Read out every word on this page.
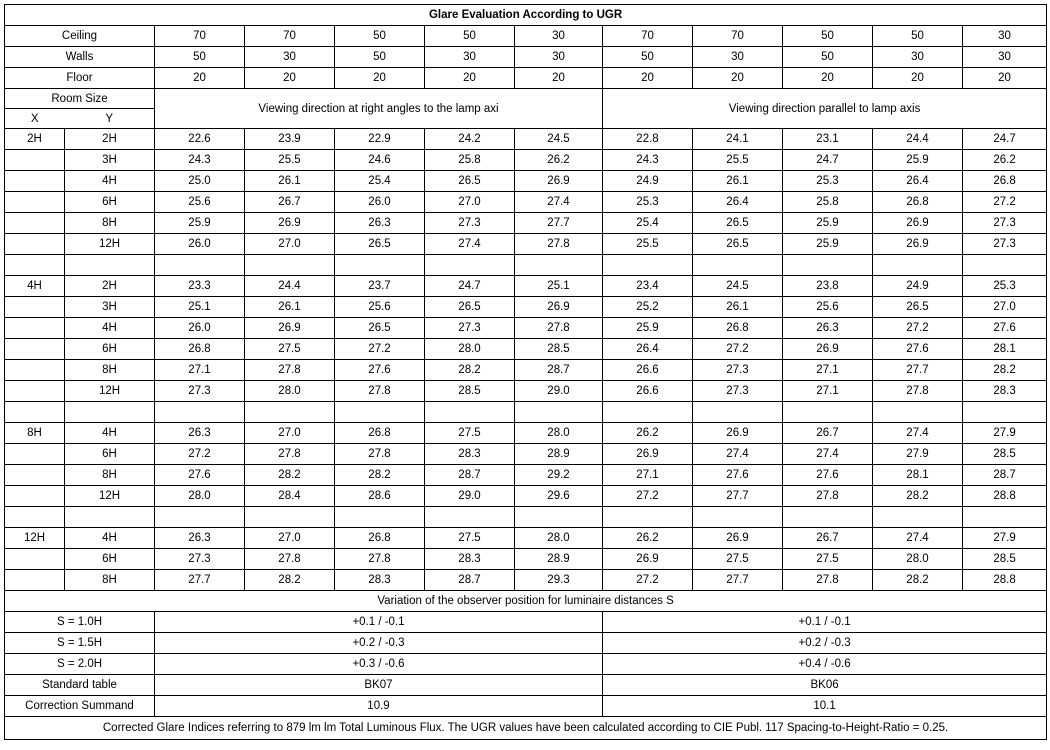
Glare Evaluation According to UGR											
Ceiling		70	70	50	50	30	70	70	50	50	30
Walls		50	30	50	30	30	50	30	50	30	30
Floor		20	20	20	20	20	20	20	20	20	20
Room Size		Viewing direction at right angles to the lamp axi					Viewing direction parallel to lamp axis				
X	Y										
2H	2H	22.6	23.9	22.9	24.2	24.5	22.8	24.1	23.1	24.4	24.7
	3H	24.3	25.5	24.6	25.8	26.2	24.3	25.5	24.7	25.9	26.2
	4H	25.0	26.1	25.4	26.5	26.9	24.9	26.1	25.3	26.4	26.8
	6H	25.6	26.7	26.0	27.0	27.4	25.3	26.4	25.8	26.8	27.2
	8H	25.9	26.9	26.3	27.3	27.7	25.4	26.5	25.9	26.9	27.3
	12H	26.0	27.0	26.5	27.4	27.8	25.5	26.5	25.9	26.9	27.3

4H	2H	23.3	24.4	23.7	24.7	25.1	23.4	24.5	23.8	24.9	25.3
	3H	25.1	26.1	25.6	26.5	26.9	25.2	26.1	25.6	26.5	27.0
	4H	26.0	26.9	26.5	27.3	27.8	25.9	26.8	26.3	27.2	27.6
	6H	26.8	27.5	27.2	28.0	28.5	26.4	27.2	26.9	27.6	28.1
	8H	27.1	27.8	27.6	28.2	28.7	26.6	27.3	27.1	27.7	28.2
	12H	27.3	28.0	27.8	28.5	29.0	26.6	27.3	27.1	27.8	28.3

8H	4H	26.3	27.0	26.8	27.5	28.0	26.2	26.9	26.7	27.4	27.9
	6H	27.2	27.8	27.8	28.3	28.9	26.9	27.4	27.4	27.9	28.5
	8H	27.6	28.2	28.2	28.7	29.2	27.1	27.6	27.6	28.1	28.7
	12H	28.0	28.4	28.6	29.0	29.6	27.2	27.7	27.8	28.2	28.8

12H	4H	26.3	27.0	26.8	27.5	28.0	26.2	26.9	26.7	27.4	27.9
	6H	27.3	27.8	27.8	28.3	28.9	26.9	27.5	27.5	28.0	28.5
	8H	27.7	28.2	28.3	28.7	29.3	27.2	27.7	27.8	28.2	28.8
Variation of the observer position for luminaire distances S											
S = 1.0H		+0.1 / -0.1					+0.1 / -0.1				
S = 1.5H		+0.2 / -0.3					+0.2 / -0.3				
S = 2.0H		+0.3 / -0.6					+0.4 / -0.6				
Standard table		BK07					BK06				
Correction Summand		10.9					10.1				
Corrected Glare Indices referring to 879 lm lm Total Luminous Flux. The UGR values have been calculated according to CIE Publ. 117 Spacing-to-Height-Ratio = 0.25.											
